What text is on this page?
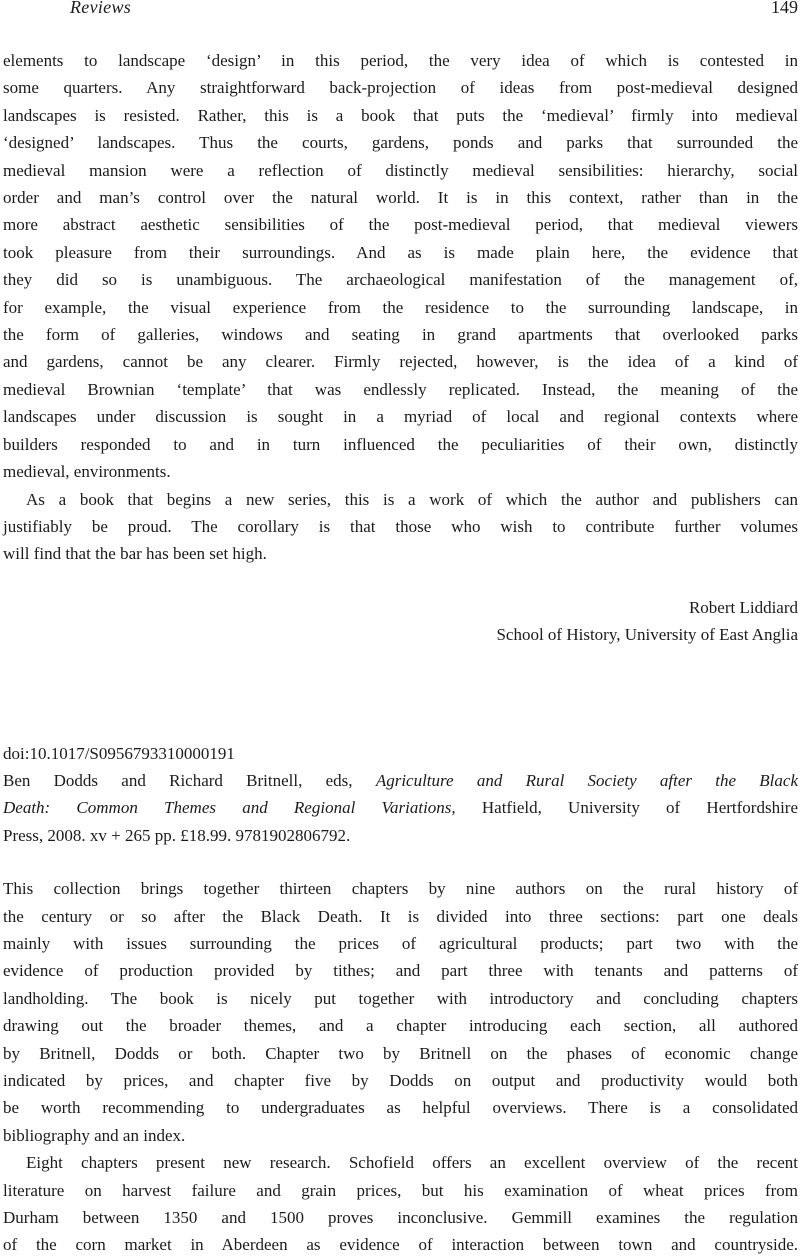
Reviews	149
elements to landscape ‘design’ in this period, the very idea of which is contested in
some quarters. Any straightforward back-projection of ideas from post-medieval designed
landscapes is resisted. Rather, this is a book that puts the ‘medieval’ firmly into medieval
‘designed’ landscapes. Thus the courts, gardens, ponds and parks that surrounded the
medieval mansion were a reflection of distinctly medieval sensibilities: hierarchy, social
order and man’s control over the natural world. It is in this context, rather than in the
more abstract aesthetic sensibilities of the post-medieval period, that medieval viewers
took pleasure from their surroundings. And as is made plain here, the evidence that
they did so is unambiguous. The archaeological manifestation of the management of,
for example, the visual experience from the residence to the surrounding landscape, in
the form of galleries, windows and seating in grand apartments that overlooked parks
and gardens, cannot be any clearer. Firmly rejected, however, is the idea of a kind of
medieval Brownian ‘template’ that was endlessly replicated. Instead, the meaning of the
landscapes under discussion is sought in a myriad of local and regional contexts where
builders responded to and in turn influenced the peculiarities of their own, distinctly
medieval, environments.
As a book that begins a new series, this is a work of which the author and publishers can
justifiably be proud. The corollary is that those who wish to contribute further volumes
will find that the bar has been set high.
Robert Liddiard
School of History, University of East Anglia
doi:10.1017/S0956793310000191
Ben Dodds and Richard Britnell, eds, Agriculture and Rural Society after the Black
Death: Common Themes and Regional Variations, Hatfield, University of Hertfordshire
Press, 2008. xv + 265 pp. £18.99. 9781902806792.
This collection brings together thirteen chapters by nine authors on the rural history of
the century or so after the Black Death. It is divided into three sections: part one deals
mainly with issues surrounding the prices of agricultural products; part two with the
evidence of production provided by tithes; and part three with tenants and patterns of
landholding. The book is nicely put together with introductory and concluding chapters
drawing out the broader themes, and a chapter introducing each section, all authored
by Britnell, Dodds or both. Chapter two by Britnell on the phases of economic change
indicated by prices, and chapter five by Dodds on output and productivity would both
be worth recommending to undergraduates as helpful overviews. There is a consolidated
bibliography and an index.
Eight chapters present new research. Schofield offers an excellent overview of the recent
literature on harvest failure and grain prices, but his examination of wheat prices from
Durham between 1350 and 1500 proves inconclusive. Gemmill examines the regulation
of the corn market in Aberdeen as evidence of interaction between town and countryside.
